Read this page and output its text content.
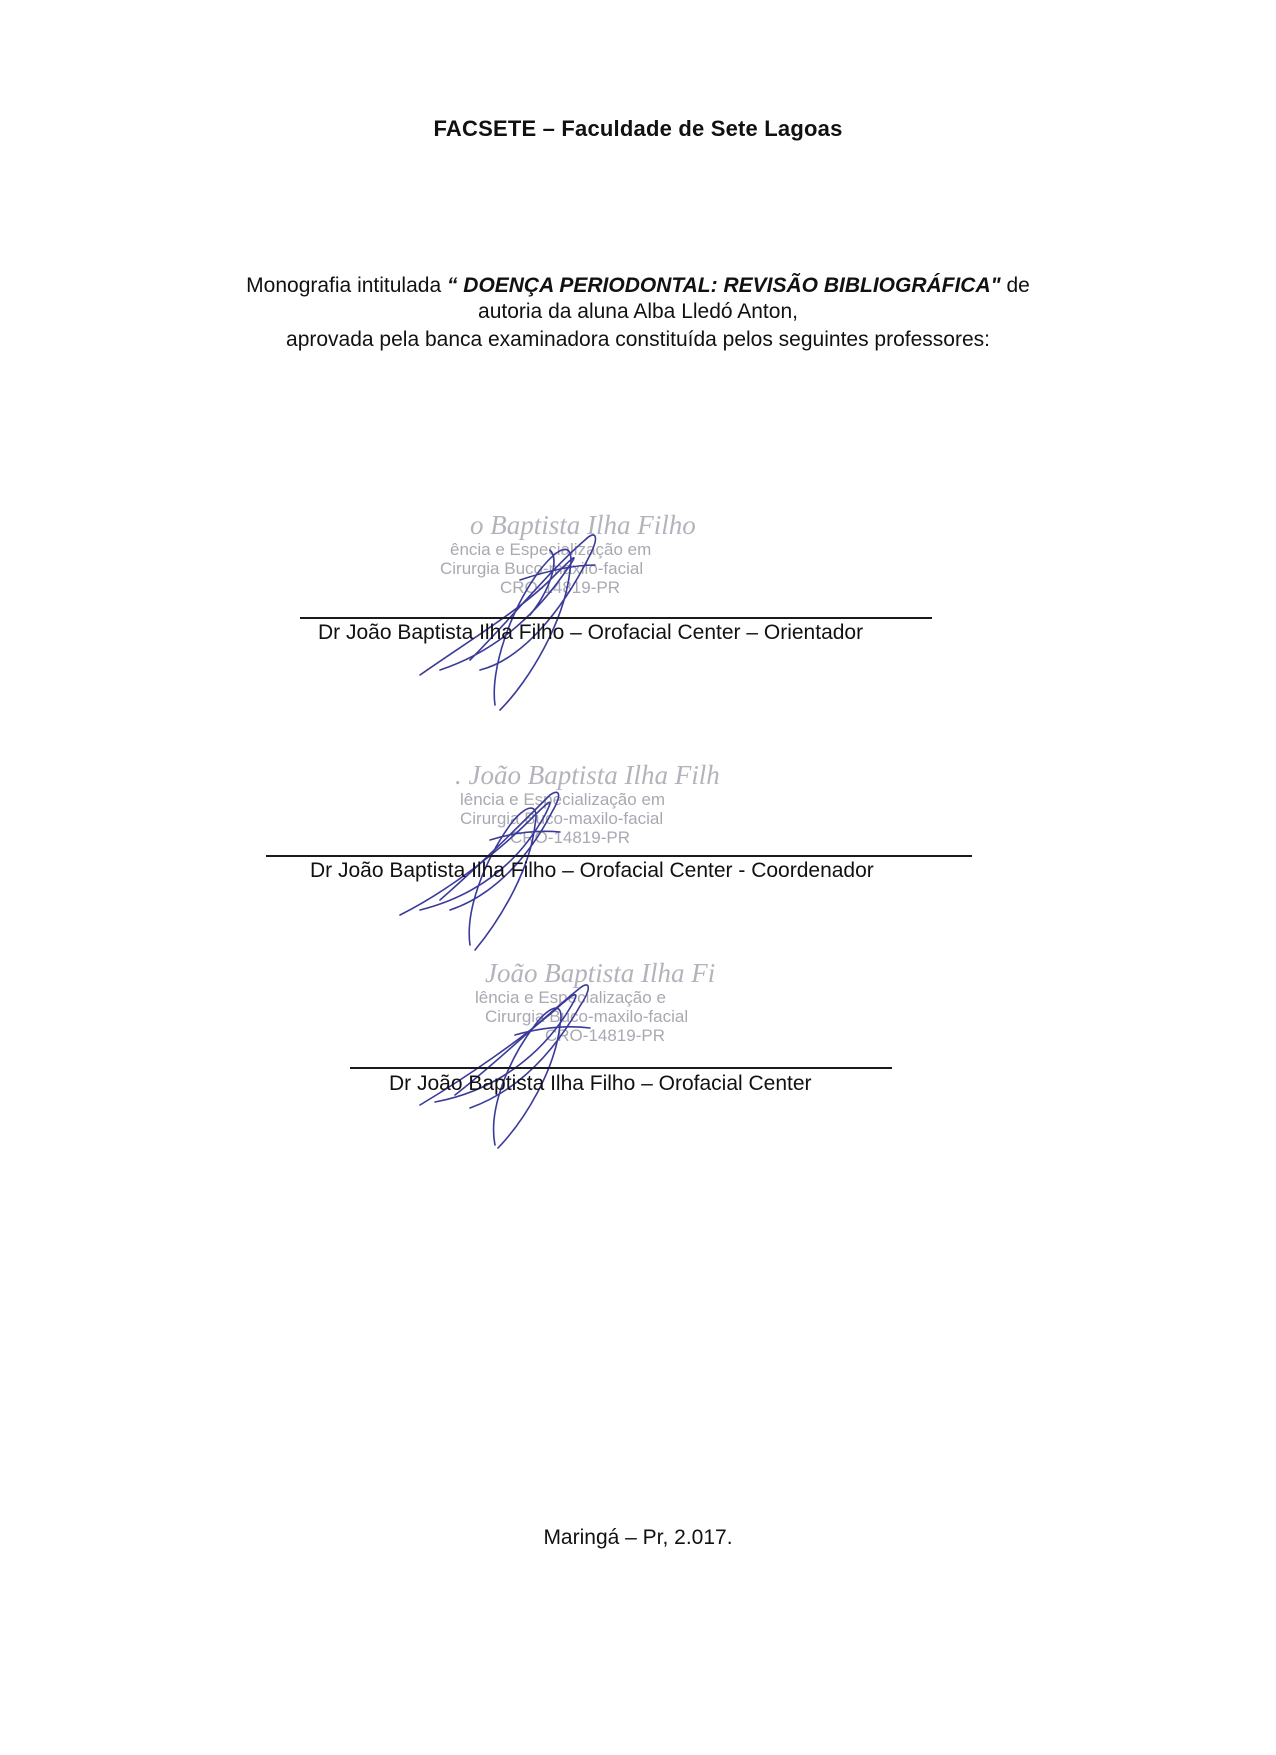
FACSETE – Faculdade de Sete Lagoas
Monografia intitulada “ DOENÇA PERIODONTAL: REVISÃO BIBLIOGRÁFICA" de
autoria da aluna Alba Lledó Anton,
aprovada pela banca examinadora constituída pelos seguintes professores:
o Baptista Ilha Filho
ência e Especialização em
Cirurgia Buco-maxilo-facial
CRO-14819-PR
Dr João Baptista Ilha Filho – Orofacial Center – Orientador
. João Baptista Ilha Filh
lência e Especialização em
Cirurgia Buco-maxilo-facial
CRO-14819-PR
Dr João Baptista Ilha Filho – Orofacial Center - Coordenador
João Baptista Ilha Fi
lência e Especialização e
Cirurgia Buco-maxilo-facial
CRO-14819-PR
Dr João Baptista Ilha Filho – Orofacial Center
Maringá – Pr, 2.017.
